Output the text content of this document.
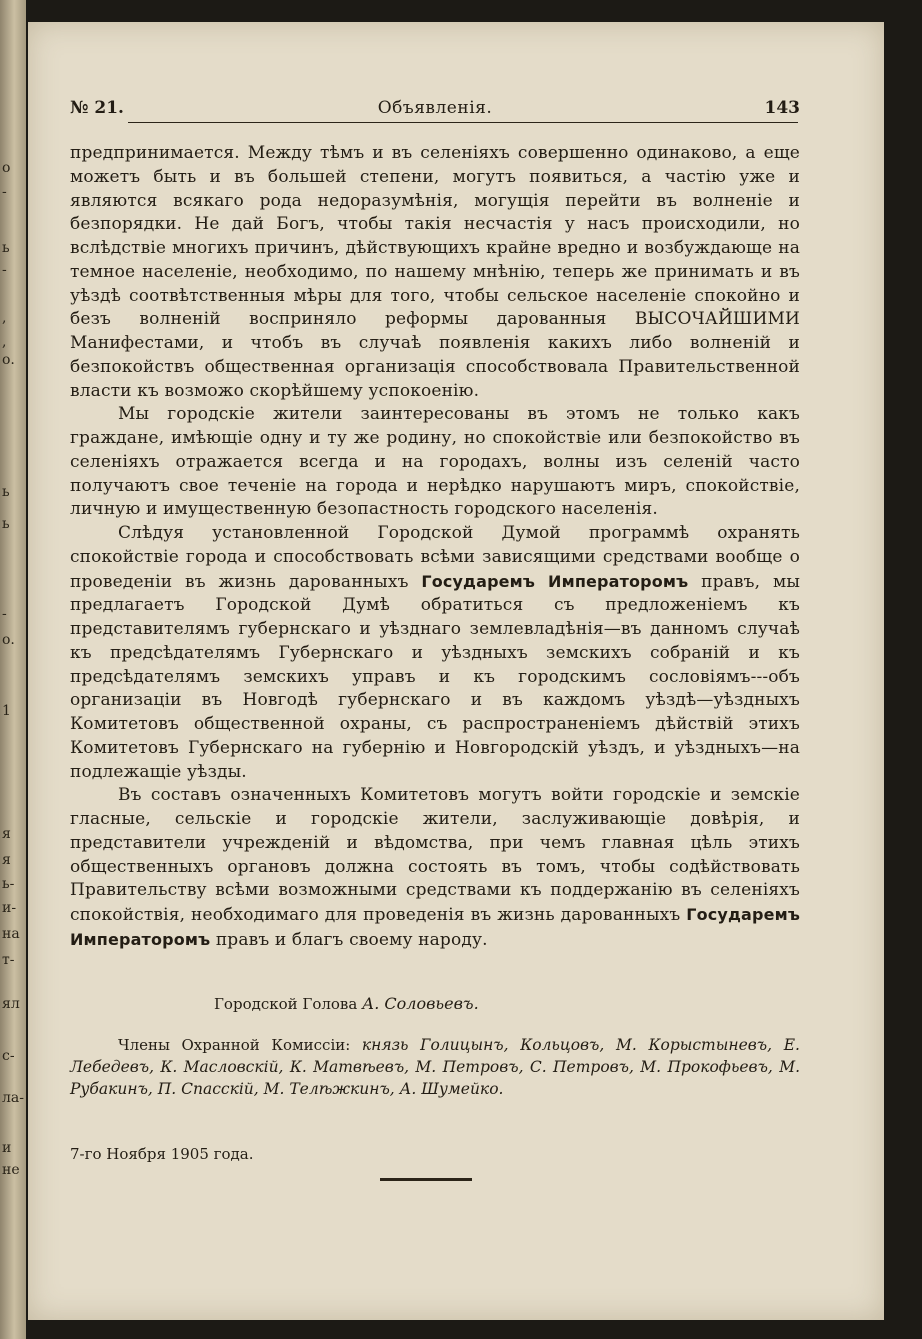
о
-
ь
-
,
,
о.
ь
ь
-
о.
1
я
я
ь-
и-
на
т-
ял
с-
ла-
и
не
№ 21.	Объявленія.	143

предпринимается. Между тѣмъ и въ селеніяхъ совершенно одинаково, а еще можетъ быть и въ большей степени, могутъ появиться, а частію уже и являются всякаго рода недоразумѣнія, могущія перейти въ волненіе и безпорядки. Не дай Богъ, чтобы такія несчастія у насъ происходили, но вслѣдствіе многихъ причинъ, дѣйствующихъ крайне вредно и возбуждающе на темное населеніе, необходимо, по нашему мнѣнію, теперь же принимать и въ уѣздѣ соотвѣтственныя мѣры для того, чтобы сельское населеніе спокойно и безъ волненій восприняло реформы дарованныя ВЫСОЧАЙШИМИ Манифестами, и чтобъ въ случаѣ появленія какихъ либо волненій и безпокойствъ общественная организація способствовала Правительственной власти къ возможо скорѣйшему успокоенію.

Мы городскіе жители заинтересованы въ этомъ не только какъ граждане, имѣющіе одну и ту же родину, но спокойствіе или безпокойство въ селеніяхъ отражается всегда и на городахъ, волны изъ селеній часто получаютъ свое теченіе на города и нерѣдко нарушаютъ миръ, спокойствіе, личную и имущественную безопастность городского населенія.

Слѣдуя установленной Городской Думой программѣ охранять спокойствіе города и способствовать всѣми зависящими средствами вообще о проведеніи въ жизнь дарованныхъ Государемъ Императоромъ правъ, мы предлагаетъ Городской Думѣ обратиться съ предложеніемъ къ представителямъ губернскаго и уѣзднаго землевладѣнія—въ данномъ случаѣ къ предсѣдателямъ Губернскаго и уѣздныхъ земскихъ собраній и къ предсѣдателямъ земскихъ управъ и къ городскимъ сословіямъ---объ организаціи въ Новгодѣ губернскаго и въ каждомъ уѣздѣ—уѣздныхъ Комитетовъ общественной охраны, съ распространеніемъ дѣйствій этихъ Комитетовъ Губернскаго на губернію и Новгородскій уѣздъ, и уѣздныхъ—на подлежащіе уѣзды.

Въ составъ означенныхъ Комитетовъ могутъ войти городскіе и земскіе гласные, сельскіе и городскіе жители, заслуживающіе довѣрія, и представители учрежденій и вѣдомства, при чемъ главная цѣль этихъ общественныхъ органовъ должна состоять въ томъ, чтобы содѣйствовать Правительству всѣми возможными средствами къ поддержанію въ селеніяхъ спокойствія, необходимаго для проведенія въ жизнь дарованныхъ Государемъ Императоромъ правъ и благъ своему народу.

Городской Голова А. Соловьевъ.
Члены Охранной Комиссіи: князь Голицынъ, Кольцовъ, М. Корыстыневъ, Е. Лебедевъ, К. Масловскій, К. Матвѣевъ, М. Петровъ, С. Петровъ, М. Прокофьевъ, М. Рубакинъ, П. Спасскій, М. Телѣжкинъ, А. Шумейко.
7-го Ноября 1905 года.
